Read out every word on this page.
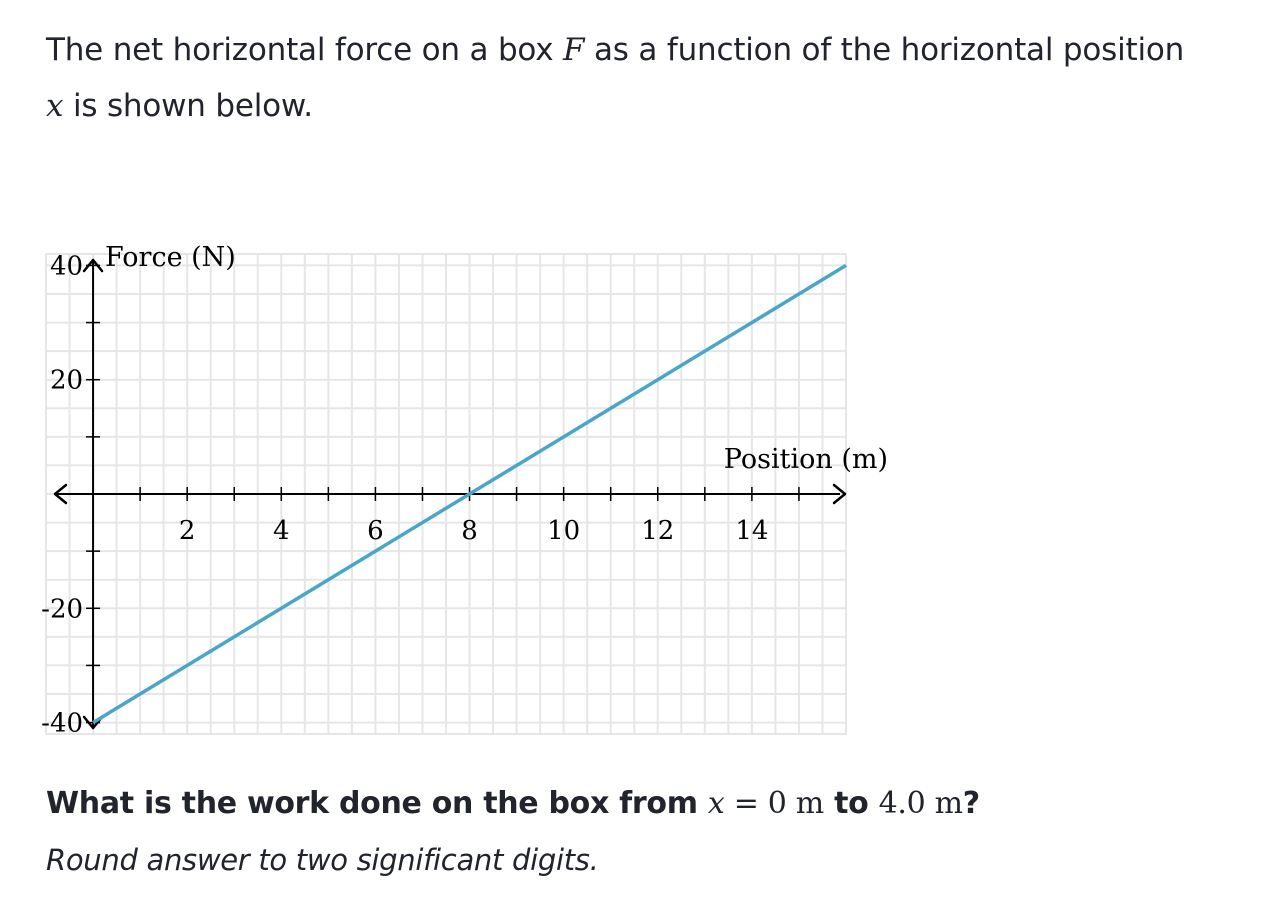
The net horizontal force on a box F as a function of the horizontal position
x is shown below.

2	4	6	8	10 12 14
40
20
-20
-40
Force (N)
Position (m)

What is the work done on the box from x = 0 m to 4.0 m?

Round answer to two significant digits.
